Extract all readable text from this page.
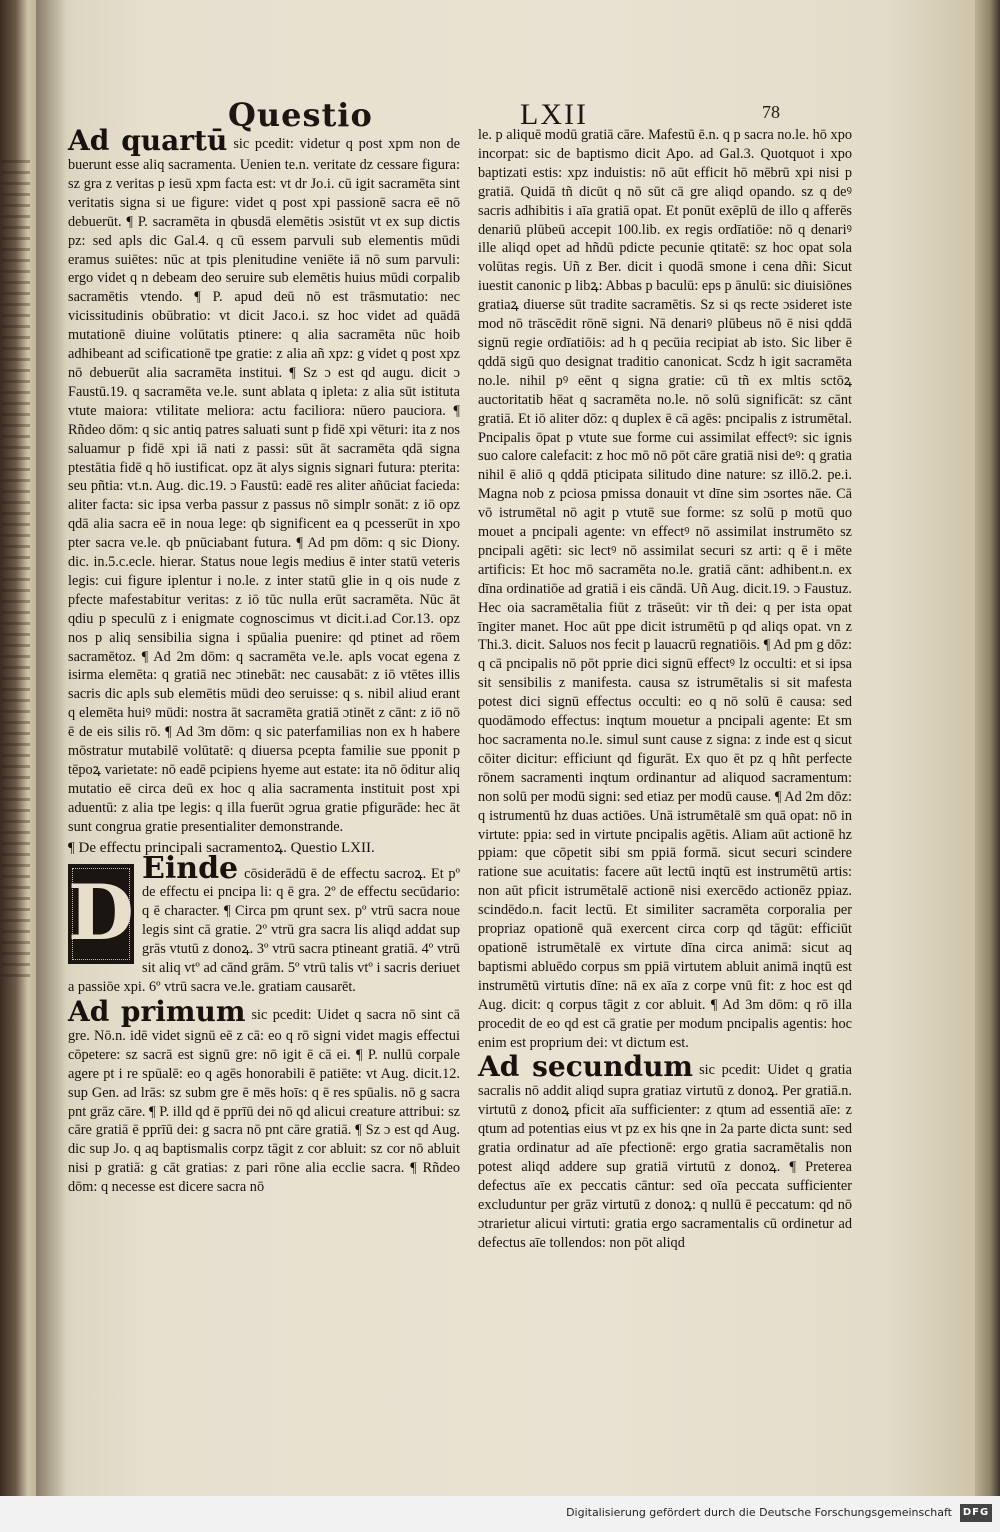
Questio	LXII	78

Ad quartū sic pcedit: videtur q post xpm non de buerunt esse aliq sacramenta. Uenien te.n. veritate dz cessare figura: sz gra z veritas p iesū xpm facta est: vt dr Jo.i. cū igit sacramēta sint veritatis signa si ue figure: videt q post xpi passionē sacra eē nō debuerūt. ¶ P. sacramēta in qbusdā elemētis ɔsistūt vt ex sup dictis pz: sed apls dic Gal.4. q cū essem parvuli sub elementis mūdi eramus suiētes: nūc at tpis plenitudine veniēte iā nō sum parvuli: ergo videt q n debeam deo seruire sub elemētis huius mūdi corpalib sacramētis vtendo. ¶ P. apud deū nō est trāsmutatio: nec vicissitudinis obūbratio: vt dicit Jaco.i. sz hoc videt ad quādā mutationē diuine volūtatis ptinere: q alia sacramēta nūc hoib adhibeant ad scificationē tpe gratie: z alia añ xpz: g videt q post xpz nō debuerūt alia sacramēta institui. ¶ Sz ɔ est qd augu. dicit ɔ Faustū.19. q sacramēta ve.le. sunt ablata q ipleta: z alia sūt istituta vtute maiora: vtilitate meliora: actu faciliora: nūero pauciora. ¶ Rñdeo dōm: q sic antiq patres saluati sunt p fidē xpi vēturi: ita z nos saluamur p fidē xpi iā nati z passi: sūt āt sacramēta qdā signa ptestātia fidē q hō iustificat. opz āt alys signis signari futura: pterita: seu pñtia: vt.n. Aug. dic.19. ɔ Faustū: eadē res aliter añūciat facieda: aliter facta: sic ipsa verba passur z passus nō simplr sonāt: z iō opz qdā alia sacra eē in noua lege: qb significent ea q pcesserūt in xpo pter sacra ve.le. qb pnūciabant futura. ¶ Ad pm dōm: q sic Diony. dic. in.5.c.ecle. hierar. Status noue legis medius ē inter statū veteris legis: cui figure iplentur i no.le. z inter statū glie in q ois nude z pfecte mafestabitur veritas: z iō tūc nulla erūt sacramēta. Nūc āt qdiu p speculū z i enigmate cognoscimus vt dicit.i.ad Cor.13. opz nos p aliq sensibilia signa i spūalia puenire: qd ptinet ad rōem sacramētoz. ¶ Ad 2m dōm: q sacramēta ve.le. apls vocat egena z isirma elemēta: q gratiā nec ɔtinebāt: nec causabāt: z iō vtētes illis sacris dic apls sub elemētis mūdi deo seruisse: q s. nibil aliud erant q elemēta huiꝰ mūdi: nostra āt sacramēta gratiā ɔtinēt z cānt: z iō nō ē de eis silis rō. ¶ Ad 3m dōm: q sic paterfamilias non ex h habere mōstratur mutabilē volūtatē: q diuersa pcepta familie sue pponit p tēpoꝝ varietate: nō eadē pcipiens hyeme aut estate: ita nō ōditur aliq mutatio eē circa deū ex hoc q alia sacramenta instituit post xpi aduentū: z alia tpe legis: q illa fuerūt ɔgrua gratie pfigurāde: hec āt sunt congrua gratie presentialiter demonstrande.

¶ De effectu principali sacramentoꝝ. Questio LXII.

D
Einde cōsiderādū ē de effectu sacroꝝ. Et pº de effectu ei pncipa li: q ē gra. 2º de effectu secūdario: q ē character. ¶ Circa pm qrunt sex. pº vtrū sacra noue legis sint cā gratie. 2º vtrū gra sacra lis aliqd addat sup grās vtutū z donoꝝ. 3º vtrū sacra ptineant gratiā. 4º vtrū sit aliq vtº ad cānd grām. 5º vtrū talis vtº i sacris deriuet a passiōe xpi. 6º vtrū sacra ve.le. gratiam causarēt.

Ad primum sic pcedit: Uidet q sacra nō sint cā gre. Nō.n. idē videt signū eē z cā: eo q rō signi videt magis effectui cōpetere: sz sacrā est signū gre: nō igit ē cā ei. ¶ P. nullū corpale agere pt i re spūalē: eo q agēs honorabili ē patiēte: vt Aug. dicit.12. sup Gen. ad lrās: sz subm gre ē mēs hoīs: q ē res spūalis. nō g sacra pnt grāz cāre. ¶ P. illd qd ē pprīū dei nō qd alicui creature attribui: sz cāre gratiā ē pprīū dei: g sacra nō pnt cāre gratiā. ¶ Sz ɔ est qd Aug. dic sup Jo. q aq baptismalis corpz tāgit z cor abluit: sz cor nō abluit nisi p gratiā: g cāt gratias: z pari rōne alia ecclie sacra. ¶ Rñdeo dōm: q necesse est dicere sacra nō

le. p aliquē modū gratiā cāre. Mafestū ē.n. q p sacra no.le. hō xpo incorpat: sic de baptismo dicit Apo. ad Gal.3. Quotquot i xpo baptizati estis: xpz induistis: nō aūt efficit hō mēbrū xpi nisi p gratiā. Quidā tñ dicūt q nō sūt cā gre aliqd opando. sz q deꝰ sacris adhibitis i aīa gratiā opat. Et ponūt exēplū de illo q afferēs denariū plūbeū accepit 100.lib. ex regis ordīatiōe: nō q denariꝰ ille aliqd opet ad hñdū pdicte pecunie qtitatē: sz hoc opat sola volūtas regis. Uñ z Ber. dicit i quodā smone i cena dñi: Sicut iuestit canonic p libꝝ: Abbas p baculū: eps p ānulū: sic diuisiōnes gratiaꝝ diuerse sūt tradite sacramētis. Sz si qs recte ɔsideret iste mod nō trāscēdit rōnē signi. Nā denariꝰ plūbeus nō ē nisi qddā signū regie ordīatiōis: ad h q pecūia recipiat ab isto. Sic liber ē qddā sigū quo designat traditio canonicat. Scdz h igit sacramēta no.le. nihil pꝰ eēnt q signa gratie: cū tñ ex mltis sctōꝝ auctoritatib hēat q sacramēta no.le. nō solū significāt: sz cānt gratiā. Et iō aliter dōz: q duplex ē cā agēs: pncipalis z istrumētal. Pncipalis ōpat p vtute sue forme cui assimilat effectꝰ: sic ignis suo calore calefacit: z hoc mō nō pōt cāre gratiā nisi deꝰ: q gratia nihil ē aliō q qddā pticipata silitudo dine nature: sz illō.2. pe.i. Magna nob z pciosa pmissa donauit vt dīne sim ɔsortes nāe. Cā vō istrumētal nō agit p vtutē sue forme: sz solū p motū quo mouet a pncipali agente: vn effectꝰ nō assimilat instrumēto sz pncipali agēti: sic lectꝰ nō assimilat securi sz arti: q ē i mēte artificis: Et hoc mō sacramēta no.le. gratiā cānt: adhibent.n. ex dīna ordinatiōe ad gratiā i eis cāndā. Uñ Aug. dicit.19. ɔ Faustuz. Hec oia sacramētalia fiūt z trāseūt: vir tñ dei: q per ista opat īngiter manet. Hoc aūt ppe dicit istrumētū p qd aliqs opat. vn z Thi.3. dicit. Saluos nos fecit p lauacrū regnatiōis. ¶ Ad pm g dōz: q cā pncipalis nō pōt pprie dici signū effectꝰ lz occulti: et si ipsa sit sensibilis z manifesta. causa sz istrumētalis si sit mafesta potest dici signū effectus occulti: eo q nō solū ē causa: sed quodāmodo effectus: inqtum mouetur a pncipali agente: Et sm hoc sacramenta no.le. simul sunt cause z signa: z inde est q sicut cōiter dicitur: efficiunt qd figurāt. Ex quo ēt pz q hñt perfecte rōnem sacramenti inqtum ordinantur ad aliquod sacramentum: non solū per modū signi: sed etiaz per modū cause. ¶ Ad 2m dōz: q istrumentū hz duas actiōes. Unā istrumētalē sm quā opat: nō in virtute: ppia: sed in virtute pncipalis agētis. Aliam aūt actionē hz ppiam: que cōpetit sibi sm ppiā formā. sicut securi scindere ratione sue acuitatis: facere aūt lectū inqtū est instrumētū artis: non aūt pficit istrumētalē actionē nisi exercēdo actionēz ppiaz. scindēdo.n. facit lectū. Et similiter sacramēta corporalia per propriaz opationē quā exercent circa corp qd tāgūt: efficiūt opationē istrumētalē ex virtute dīna circa animā: sicut aq baptismi abluēdo corpus sm ppiā virtutem abluit animā inqtū est instrumētū virtutis dīne: nā ex aīa z corpe vnū fit: z hoc est qd Aug. dicit: q corpus tāgit z cor abluit. ¶ Ad 3m dōm: q rō illa procedit de eo qd est cā gratie per modum pncipalis agentis: hoc enim est proprium dei: vt dictum est.

Ad secundum sic pcedit: Uidet q gratia sacralis nō addit aliqd supra gratiaz virtutū z donoꝝ. Per gratiā.n. virtutū z donoꝝ pficit aīa sufficienter: z qtum ad essentiā aīe: z qtum ad potentias eius vt pz ex his qne in 2a parte dicta sunt: sed gratia ordinatur ad aīe pfectionē: ergo gratia sacramētalis non potest aliqd addere sup gratiā virtutū z donoꝝ. ¶ Preterea defectus aīe ex peccatis cāntur: sed oīa peccata sufficienter excluduntur per grāz virtutū z donoꝝ: q nullū ē peccatum: qd nō ɔtrarietur alicui virtuti: gratia ergo sacramentalis cū ordinetur ad defectus aīe tollendos: non pōt aliqd

Digitalisierung gefördert durch die Deutsche Forschungsgemeinschaft DFG
